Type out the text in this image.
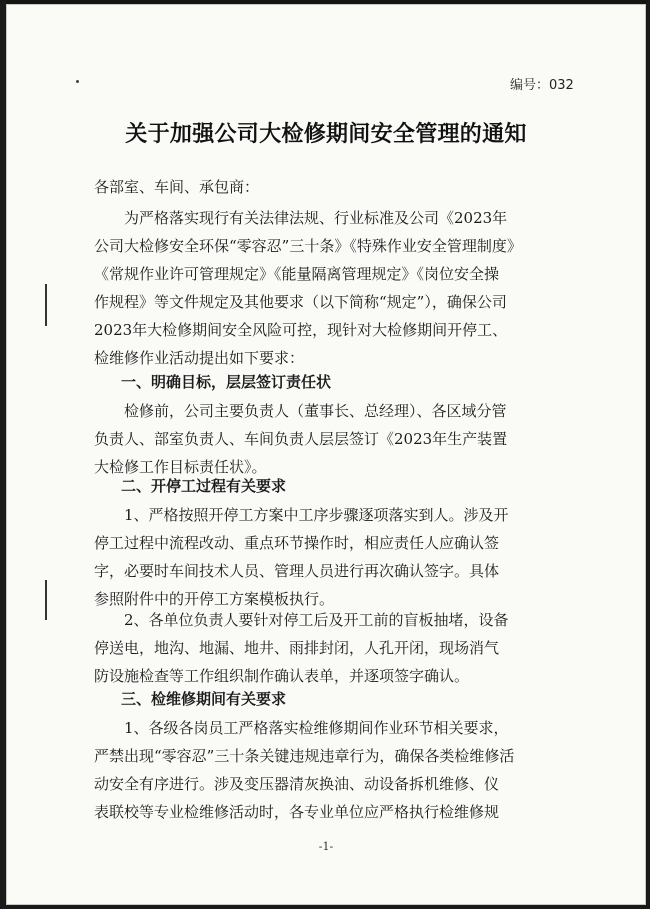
编号：032
关于加强公司大检修期间安全管理的通知
各部室、车间、承包商：
　　为严格落实现行有关法律法规、行业标准及公司《2023年
公司大检修安全环保“零容忍”三十条》《特殊作业安全管理制度》
《常规作业许可管理规定》《能量隔离管理规定》《岗位安全操
作规程》等文件规定及其他要求（以下简称“规定”），确保公司
2023年大检修期间安全风险可控，现针对大检修期间开停工、
检维修作业活动提出如下要求：
一、明确目标，层层签订责任状
　　检修前，公司主要负责人（董事长、总经理）、各区域分管
负责人、部室负责人、车间负责人层层签订《2023年生产装置
大检修工作目标责任状》。
二、开停工过程有关要求
　　1、严格按照开停工方案中工序步骤逐项落实到人。涉及开
停工过程中流程改动、重点环节操作时，相应责任人应确认签
字，必要时车间技术人员、管理人员进行再次确认签字。具体
参照附件中的开停工方案模板执行。
　　2、各单位负责人要针对停工后及开工前的盲板抽堵，设备
停送电，地沟、地漏、地井、雨排封闭，人孔开闭，现场消气
防设施检查等工作组织制作确认表单，并逐项签字确认。
三、检维修期间有关要求
　　1、各级各岗员工严格落实检维修期间作业环节相关要求，
严禁出现“零容忍”三十条关键违规违章行为，确保各类检维修活
动安全有序进行。涉及变压器清灰换油、动设备拆机维修、仪
表联校等专业检维修活动时，各专业单位应严格执行检维修规
-1-
